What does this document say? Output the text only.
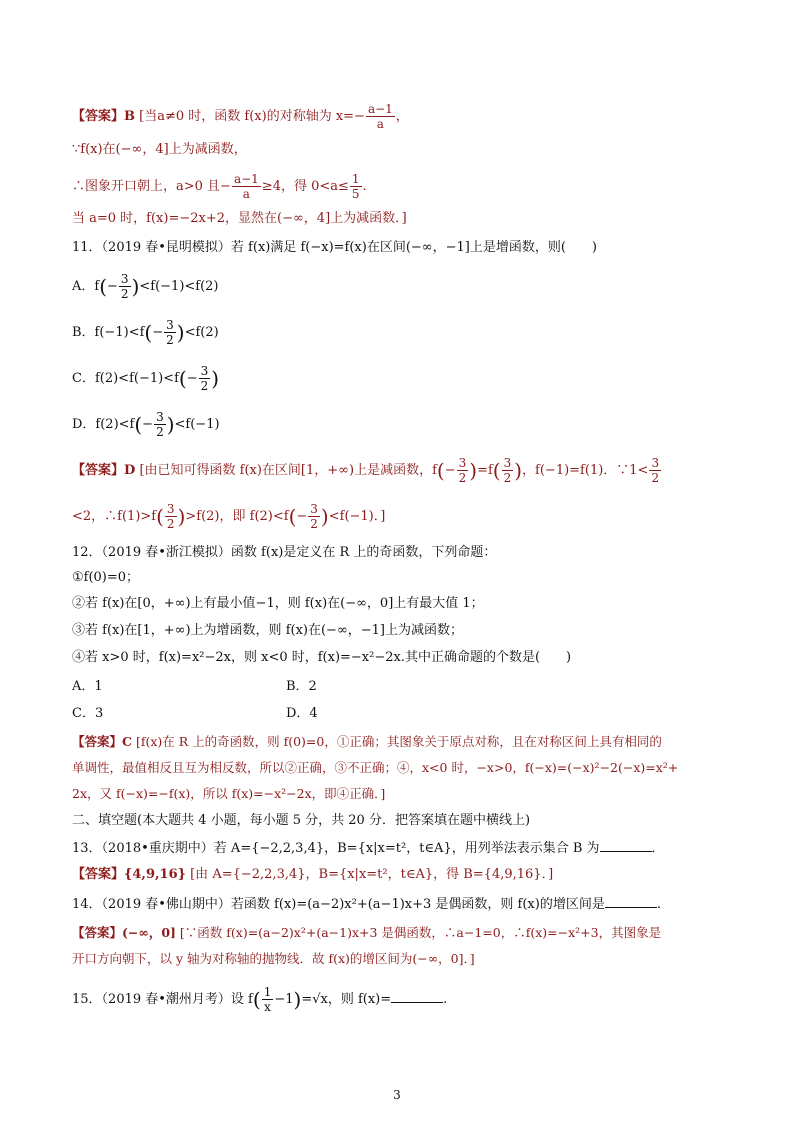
【答案】B [当a≠0 时，函数 f(x)的对称轴为 $x=- \frac{a-1}{a}$ ，
∵f(x)在(−∞，4]上为减函数，
∴图象开口朝上，a>0 且− $\frac{a-1}{a} \ge 4$，得 $0<a\le \frac{1}{5}$ .
当 a=0 时，f(x)=−2x+2，显然在(−∞，4]上为减函数．]
11．（2019 春•昆明模拟）若 f(x)满足 f(−x)=f(x)在区间(−∞，−1]上是增函数，则(　　)
A．$f(- \frac{3}{2} )<f(-1)<f(2)$
B．$f(-1)<f(- \frac{3}{2} )<f(2)$
C．$f(2)<f(-1)<f(- \frac{3}{2}$ )
D．$f(2)<f(- \frac{3}{2} )<f(-1)$
【答案】D [由已知可得函数 f(x)在区间[1，+∞)上是减函数，$f(- \frac{3}{2} )=f( \frac{3}{2}$ )，f(−1)=f(1)．∵1< $\frac{3}{2}$
<2，∴f(1)>f( $\frac{3}{2} )>f(2)$，即 $f(2)<f(- \frac{3}{2} )<f(-1)$．]
12．（2019 春•浙江模拟）函数 f(x)是定义在 R 上的奇函数，下列命题：
①f(0)=0；
②若 f(x)在[0，+∞)上有最小值−1，则 f(x)在(−∞，0]上有最大值 1；
③若 f(x)在[1，+∞)上为增函数，则 f(x)在(−∞，−1]上为减函数；
④若 x>0 时，f(x)=x²−2x，则 x<0 时，f(x)=−x²−2x.其中正确命题的个数是(　　)
A．1	B．2
C．3	D．4
【答案】C [f(x)在 R 上的奇函数，则 f(0)=0，①正确；其图象关于原点对称，且在对称区间上具有相同的
单调性，最值相反且互为相反数，所以②正确，③不正确；④，x<0 时，−x>0，f(−x)=(−x)²−2(−x)=x²+
2x，又 f(−x)=−f(x)，所以 f(x)=−x²−2x，即④正确．]
二、填空题(本大题共 4 小题，每小题 5 分，共 20 分．把答案填在题中横线上)
13．（2018•重庆期中）若 A={−2,2,3,4}，B={x|x=t²，t∈A}，用列举法表示集合 B 为	．
【答案】{4,9,16} [由 A={−2,2,3,4}，B={x|x=t²，t∈A}，得 B={4,9,16}．]
14．（2019 春•佛山期中）若函数 f(x)=(a−2)x²+(a−1)x+3 是偶函数，则 f(x)的增区间是	.
【答案】(−∞，0] [∵函数 f(x)=(a−2)x²+(a−1)x+3 是偶函数，∴a−1=0，∴f(x)=−x²+3，其图象是
开口方向朝下，以 y 轴为对称轴的抛物线．故 f(x)的增区间为(−∞，0]．]
15．（2019 春•潮州月考）设 $f( \frac{1}{x} -1)=√x$，则 f(x)=	.
3
